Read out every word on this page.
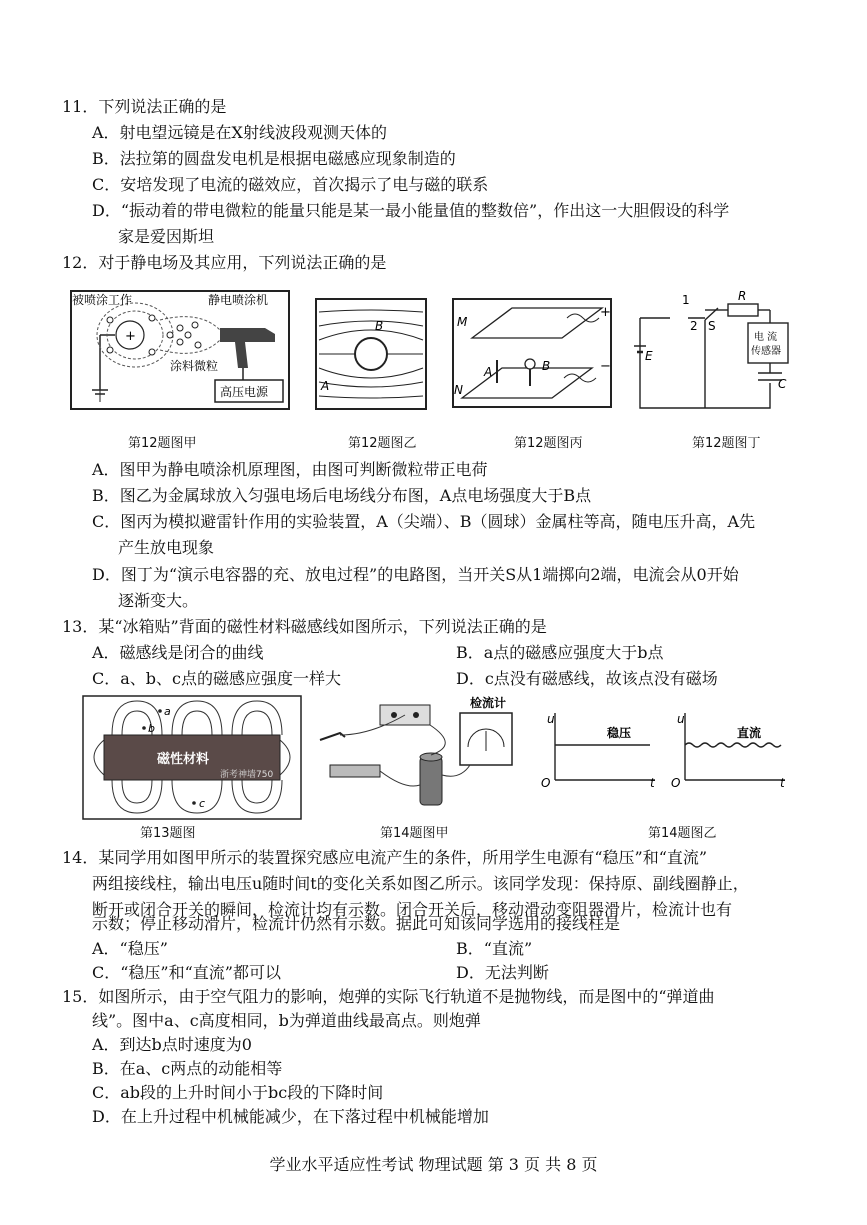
11．下列说法正确的是
A．射电望远镜是在X射线波段观测天体的
B．法拉第的圆盘发电机是根据电磁感应现象制造的
C．安培发现了电流的磁效应，首次揭示了电与磁的联系
D．“振动着的带电微粒的能量只能是某一最小能量值的整数倍”，作出这一大胆假设的科学
家是爱因斯坦
12．对于静电场及其应用，下列说法正确的是
+
被喷涂工作	静电喷涂机
涂料微粒
高压电源
B
A
M
N
A	B
+
−
1
2 S
R
E
C
电 流
传感器
第12题图甲	第12题图乙	第12题图丙	第12题图丁
A．图甲为静电喷涂机原理图，由图可判断微粒带正电荷
B．图乙为金属球放入匀强电场后电场线分布图，A点电场强度大于B点
C．图丙为模拟避雷针作用的实验装置，A（尖端）、B（圆球）金属柱等高，随电压升高，A先
产生放电现象
D．图丁为“演示电容器的充、放电过程”的电路图，当开关S从1端掷向2端，电流会从0开始
逐渐变大。
13．某“冰箱贴”背面的磁性材料磁感线如图所示，下列说法正确的是
A．磁感线是闭合的曲线	B．a点的磁感应强度大于b点
C．a、b、c点的磁感应强度一样大	D．c点没有磁感线，故该点没有磁场
磁性材料
浙考神墙750
a
b
c
检流计
u	u
O	O
t	t
稳压	直流
第13题图	第14题图甲	第14题图乙
14．某同学用如图甲所示的装置探究感应电流产生的条件，所用学生电源有“稳压”和“直流”
两组接线柱，输出电压u随时间t的变化关系如图乙所示。该同学发现：保持原、副线圈静止，
断开或闭合开关的瞬间，检流计均有示数。闭合开关后，移动滑动变阻器滑片，检流计也有
示数；停止移动滑片，检流计仍然有示数。据此可知该同学选用的接线柱是
A．“稳压”	B．“直流”
C．“稳压”和“直流”都可以	D．无法判断
15．如图所示，由于空气阻力的影响，炮弹的实际飞行轨道不是抛物线，而是图中的“弹道曲
线”。图中a、c高度相同，b为弹道曲线最高点。则炮弹
A．到达b点时速度为0
B．在a、c两点的动能相等
C．ab段的上升时间小于bc段的下降时间
D．在上升过程中机械能减少，在下落过程中机械能增加
学业水平适应性考试 物理试题 第 3 页 共 8 页
